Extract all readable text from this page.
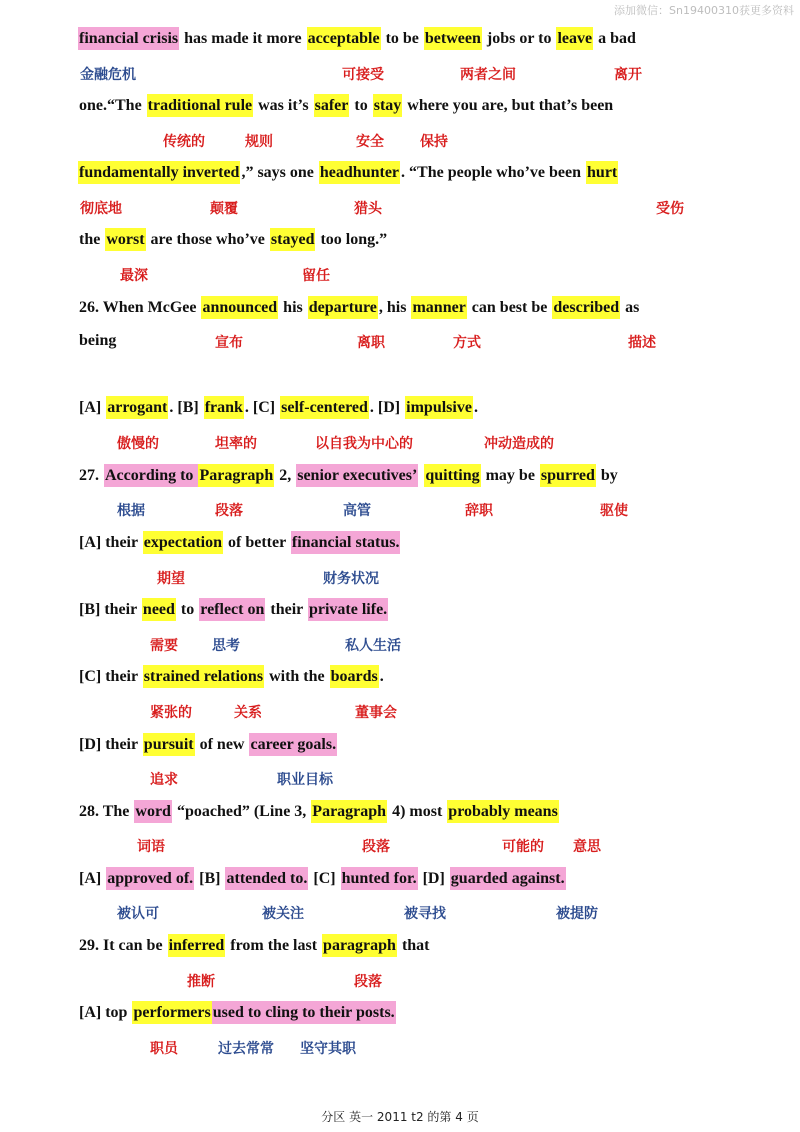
添加微信：Sn19400310获更多资料
financial crisis has made it more acceptable to be between jobs or to leave a bad
one.“The traditional rule was it’s safer to stay where you are, but that’s been
fundamentally inverted ,” says one headhunter . “The people who’ve been hurt
the worst are those who’ve stayed too long.”
26. When McGee announced his departure , his manner can best be described as
being
[A] arrogant . [B] frank . [C] self-centered . [D] impulsive .
27. According to Paragraph 2, senior executives’ quitting may be spurred by
[A] their expectation of better financial status.
[B] their need to reflect on their private life.
[C] their strained relations with the boards .
[D] their pursuit of new career goals.
28. The word “poached” (Line 3, Paragraph 4) most probably means
[A] approved of. [B] attended to. [C] hunted for. [D] guarded against.
29. It can be inferred from the last paragraph that
[A] top performers used to cling to their posts.
金融危机	可接受	两者之间	离开
传统的	规则	安全	保持
彻底地	颠覆	猎头	受伤
最深	留任
宣布	离职	方式	描述
傲慢的	坦率的	以自我为中心的	冲动造成的
根据	段落	高管	辞职	驱使
期望	财务状况
需要 思考	私人生活
紧张的	关系	董事会
追求	职业目标
词语	段落	可能的 意思
被认可	被关注	被寻找	被提防
推断	段落
职员	过去常常 坚守其职
分区 英一 2011 t2 的第 4 页
